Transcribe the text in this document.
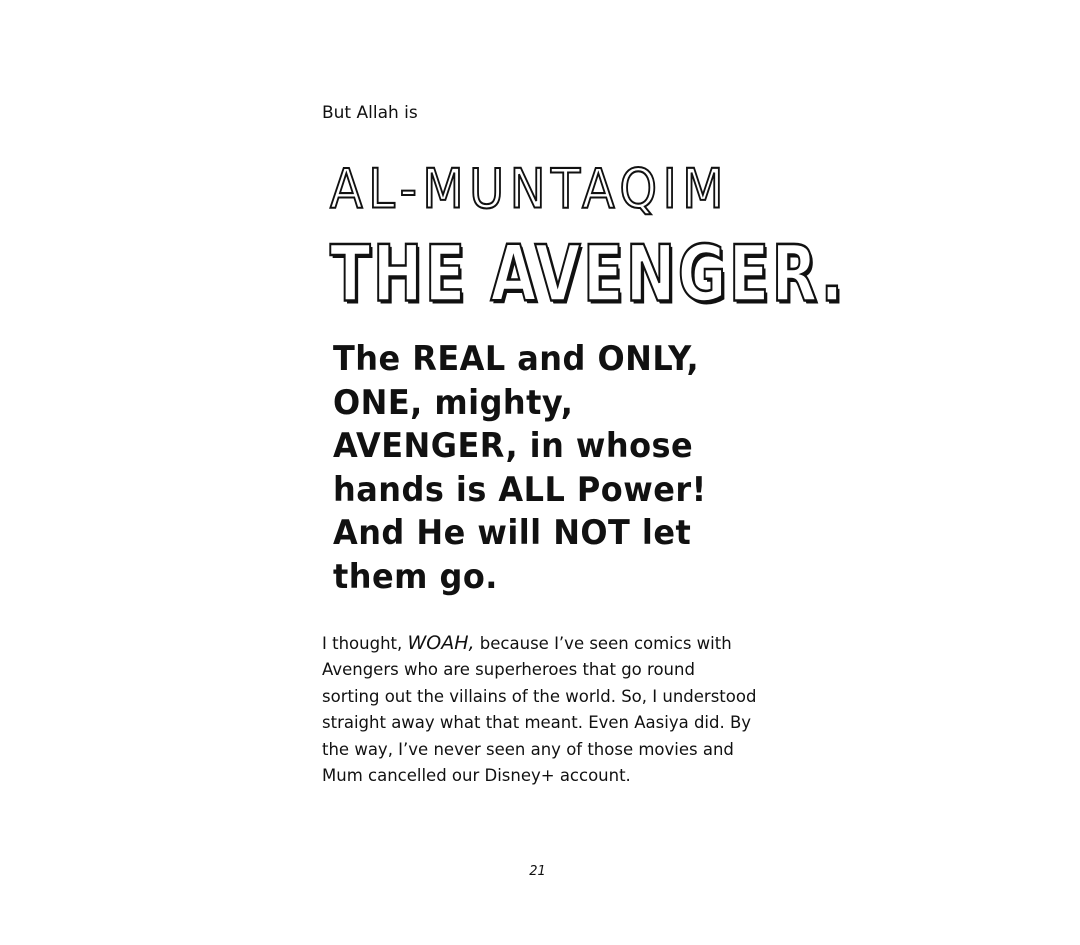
But Allah is
AL-MUNTAQIM
THE AVENGER.
The REAL and ONLY,
ONE, mighty,
AVENGER, in whose
hands is ALL Power!
And He will NOT let
them go.
I thought, WOAH, because I’ve seen comics with
Avengers who are superheroes that go round
sorting out the villains of the world. So, I understood
straight away what that meant. Even Aasiya did. By
the way, I’ve never seen any of those movies and
Mum cancelled our Disney+ account.
21
